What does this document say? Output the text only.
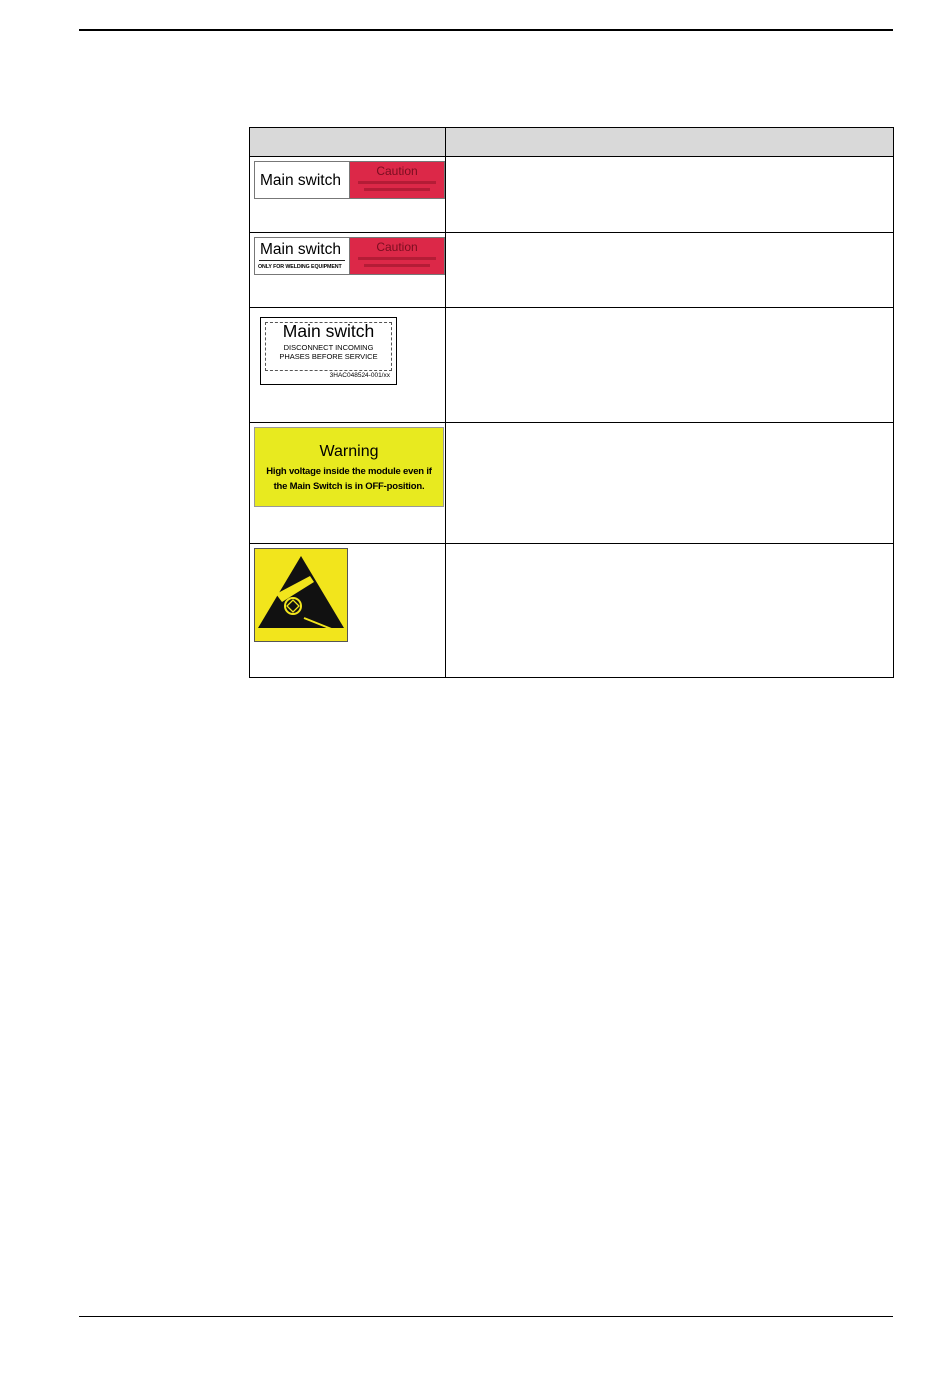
Main switch
Caution	

Main switch
ONLY FOR WELDING EQUIPMENT
Caution	

Main switch
DISCONNECT INCOMING
PHASES BEFORE SERVICE
3HAC048524-001/xx	

Warning
High voltage inside the module even if
the Main Switch is in OFF-position.	
